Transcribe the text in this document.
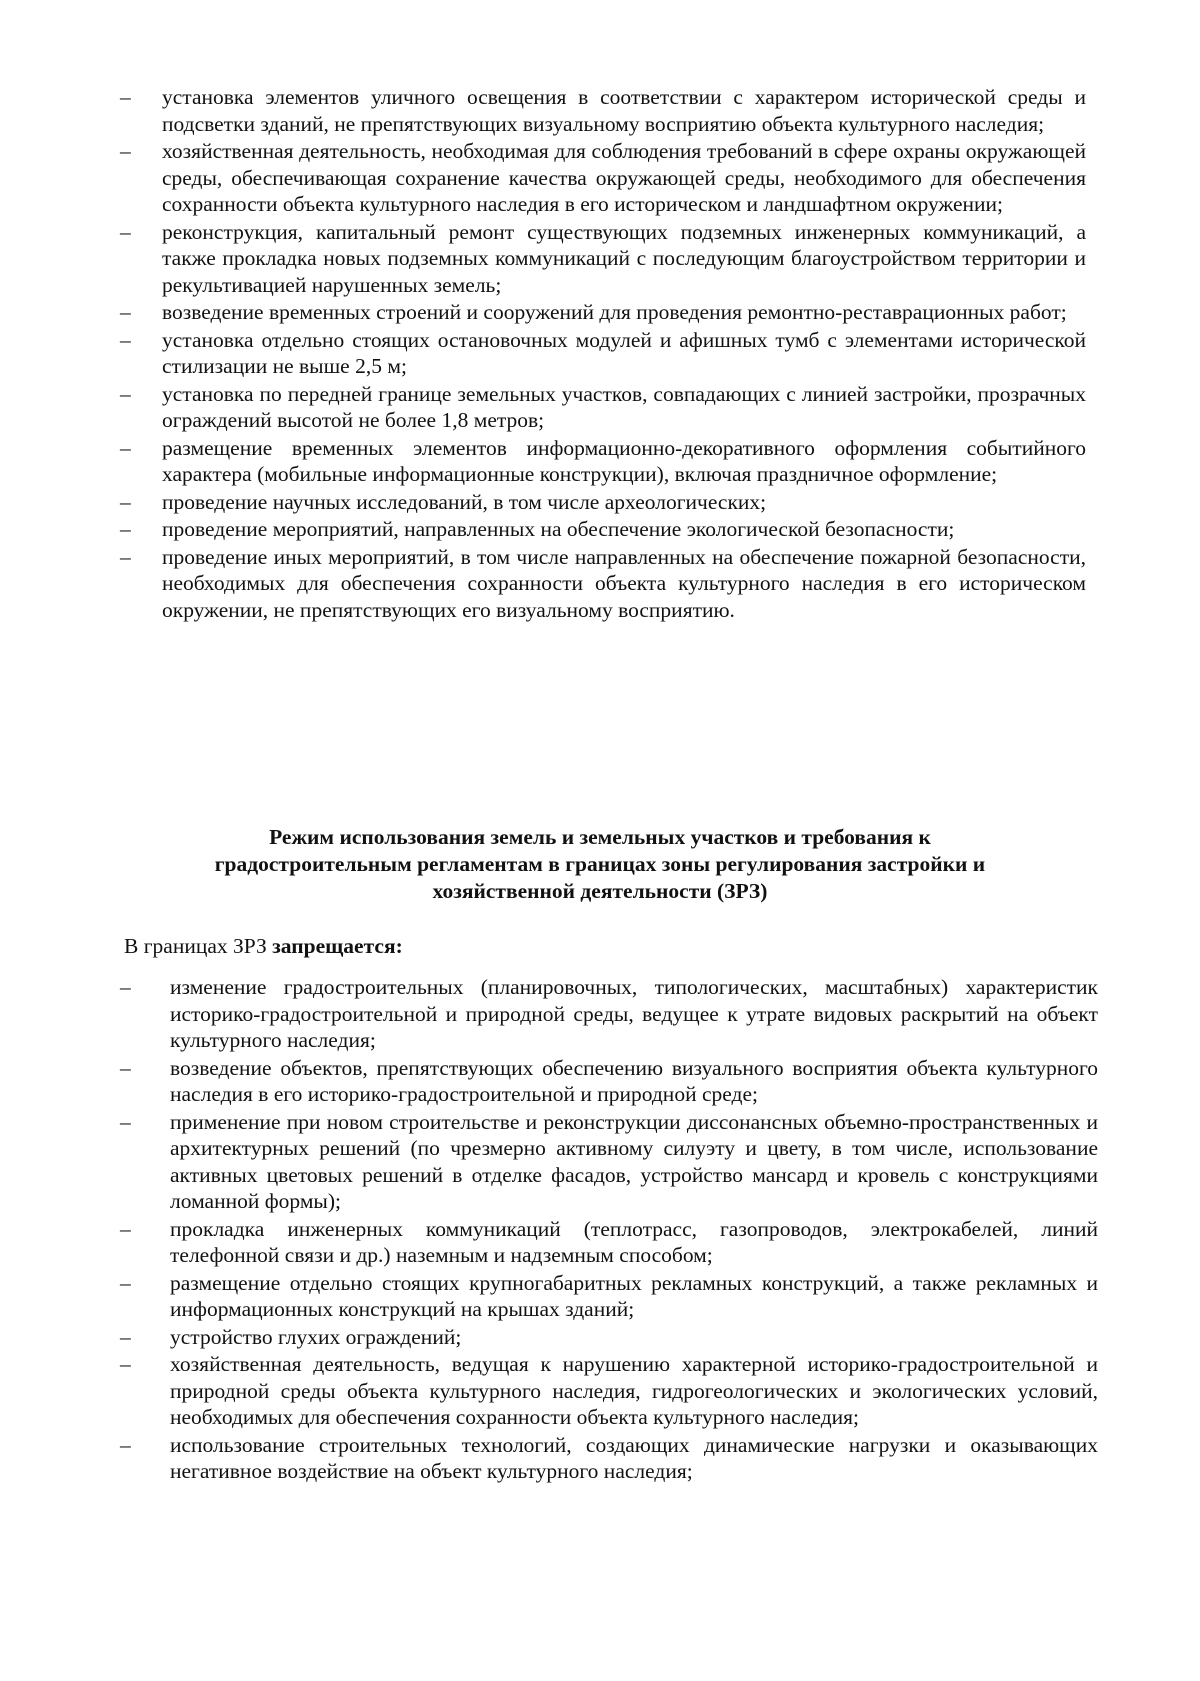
– установка элементов уличного освещения в соответствии с характером исторической среды и подсветки зданий, не препятствующих визуальному восприятию объекта культурного наследия;
– хозяйственная деятельность, необходимая для соблюдения требований в сфере охраны окружающей среды, обеспечивающая сохранение качества окружающей среды, необходимого для обеспечения сохранности объекта культурного наследия в его историческом и ландшафтном окружении;
– реконструкция, капитальный ремонт существующих подземных инженерных коммуникаций, а также прокладка новых подземных коммуникаций с последующим благоустройством территории и рекультивацией нарушенных земель;
– возведение временных строений и сооружений для проведения ремонтно-реставрационных работ;
– установка отдельно стоящих остановочных модулей и афишных тумб с элементами исторической стилизации не выше 2,5 м;
– установка по передней границе земельных участков, совпадающих с линией застройки, прозрачных ограждений высотой не более 1,8 метров;
– размещение временных элементов информационно-декоративного оформления событийного характера (мобильные информационные конструкции), включая праздничное оформление;
– проведение научных исследований, в том числе археологических;
– проведение мероприятий, направленных на обеспечение экологической безопасности;
– проведение иных мероприятий, в том числе направленных на обеспечение пожарной безопасности, необходимых для обеспечения сохранности объекта культурного наследия в его историческом окружении, не препятствующих его визуальному восприятию.
Режим использования земель и земельных участков и требования к
градостроительным регламентам в границах зоны регулирования застройки и
хозяйственной деятельности (ЗРЗ)
В границах ЗРЗ запрещается:
– изменение градостроительных (планировочных, типологических, масштабных) характеристик историко-градостроительной и природной среды, ведущее к утрате видовых раскрытий на объект культурного наследия;
– возведение объектов, препятствующих обеспечению визуального восприятия объекта культурного наследия в его историко-градостроительной и природной среде;
– применение при новом строительстве и реконструкции диссонансных объемно-пространственных и архитектурных решений (по чрезмерно активному силуэту и цвету, в том числе, использование активных цветовых решений в отделке фасадов, устройство мансард и кровель с конструкциями ломанной формы);
– прокладка инженерных коммуникаций (теплотрасс, газопроводов, электрокабелей, линий телефонной связи и др.) наземным и надземным способом;
– размещение отдельно стоящих крупногабаритных рекламных конструкций, а также рекламных и информационных конструкций на крышах зданий;
– устройство глухих ограждений;
– хозяйственная деятельность, ведущая к нарушению характерной историко-градостроительной и природной среды объекта культурного наследия, гидрогеологических и экологических условий, необходимых для обеспечения сохранности объекта культурного наследия;
– использование строительных технологий, создающих динамические нагрузки и оказывающих негативное воздействие на объект культурного наследия;
